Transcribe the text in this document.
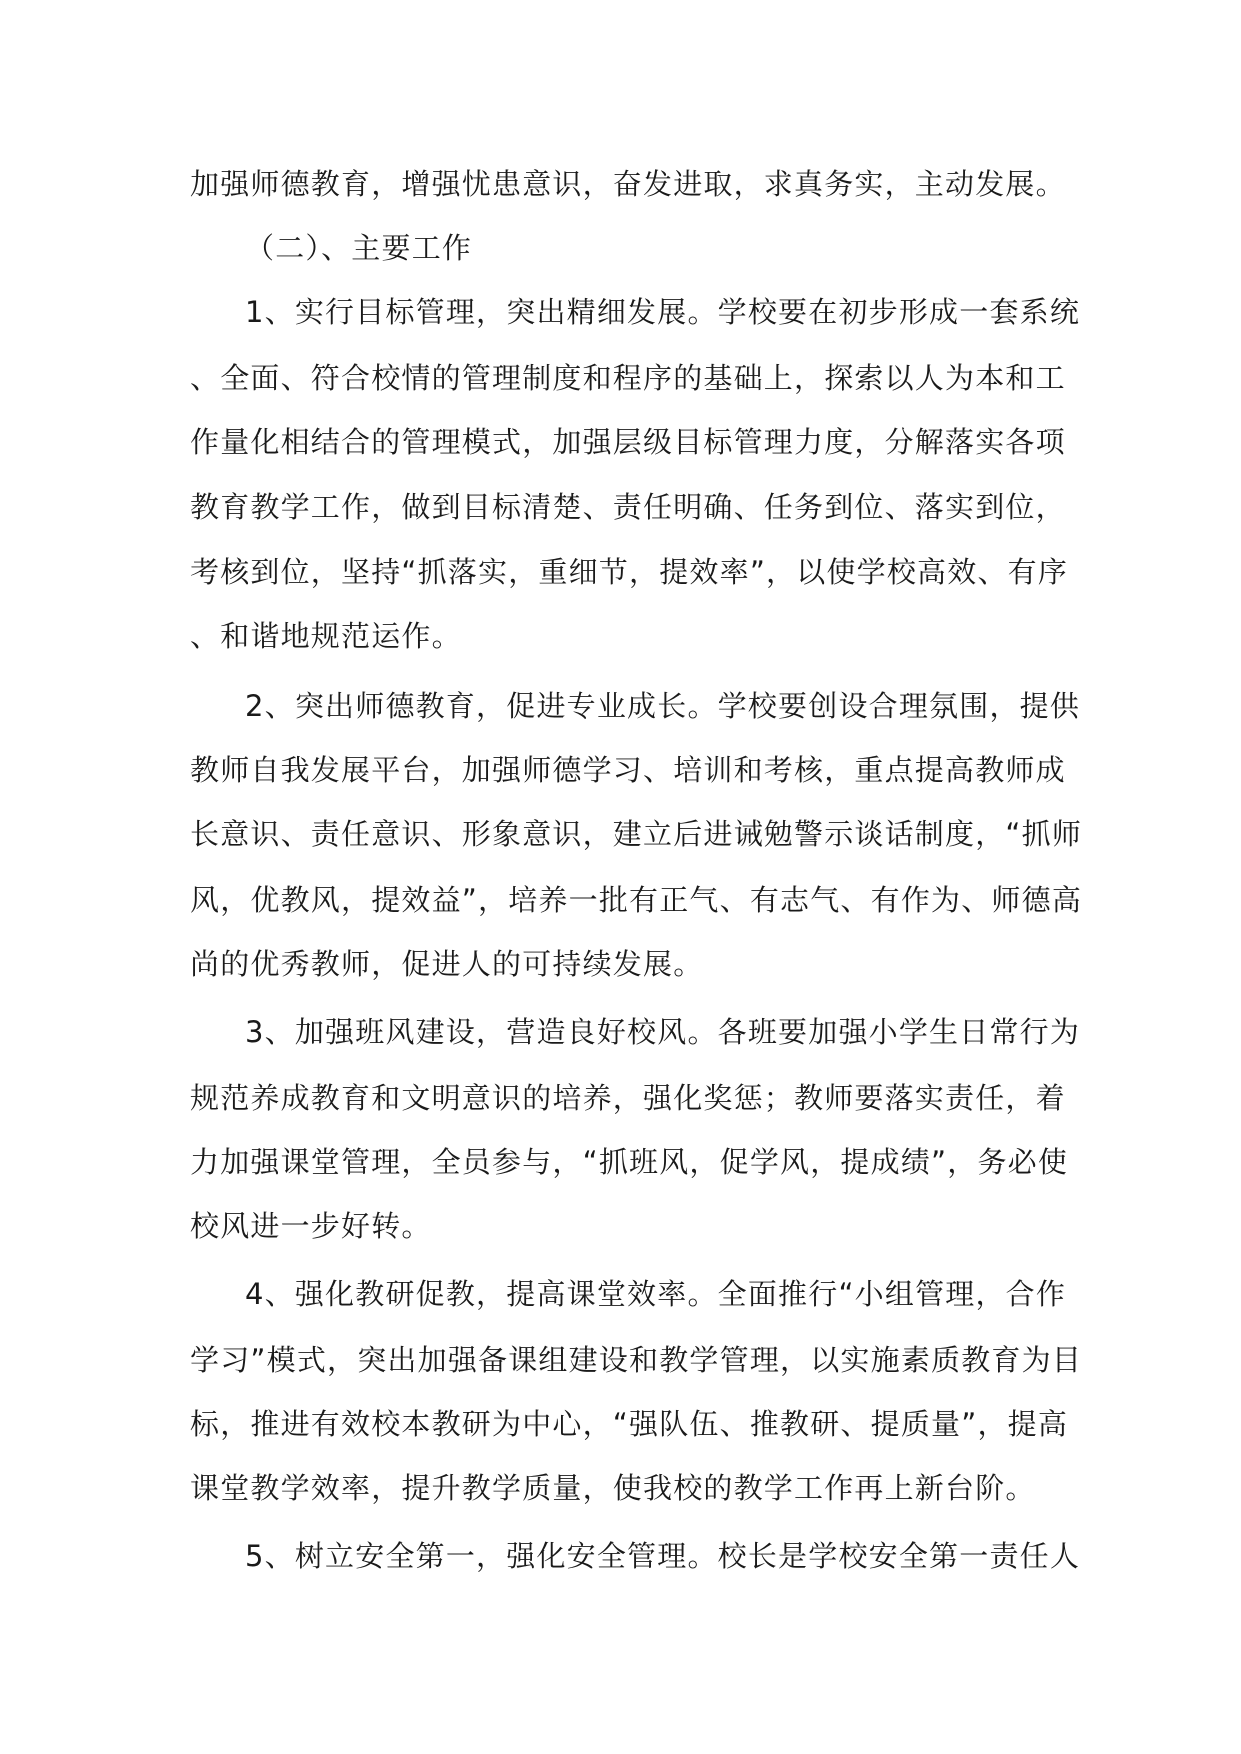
加强师德教育，增强忧患意识，奋发进取，求真务实，主动发展。
（二）、主要工作
1、实行目标管理，突出精细发展。学校要在初步形成一套系统
、全面、符合校情的管理制度和程序的基础上，探索以人为本和工
作量化相结合的管理模式，加强层级目标管理力度，分解落实各项
教育教学工作，做到目标清楚、责任明确、任务到位、落实到位，
考核到位，坚持“抓落实，重细节，提效率”，以使学校高效、有序
、和谐地规范运作。
2、突出师德教育，促进专业成长。学校要创设合理氛围，提供
教师自我发展平台，加强师德学习、培训和考核，重点提高教师成
长意识、责任意识、形象意识，建立后进诫勉警示谈话制度，“抓师
风，优教风，提效益”，培养一批有正气、有志气、有作为、师德高
尚的优秀教师，促进人的可持续发展。
3、加强班风建设，营造良好校风。各班要加强小学生日常行为
规范养成教育和文明意识的培养，强化奖惩；教师要落实责任，着
力加强课堂管理，全员参与，“抓班风，促学风，提成绩”，务必使
校风进一步好转。
4、强化教研促教，提高课堂效率。全面推行“小组管理，合作
学习”模式，突出加强备课组建设和教学管理，以实施素质教育为目
标，推进有效校本教研为中心，“强队伍、推教研、提质量”，提高
课堂教学效率，提升教学质量，使我校的教学工作再上新台阶。
5、树立安全第一，强化安全管理。校长是学校安全第一责任人
